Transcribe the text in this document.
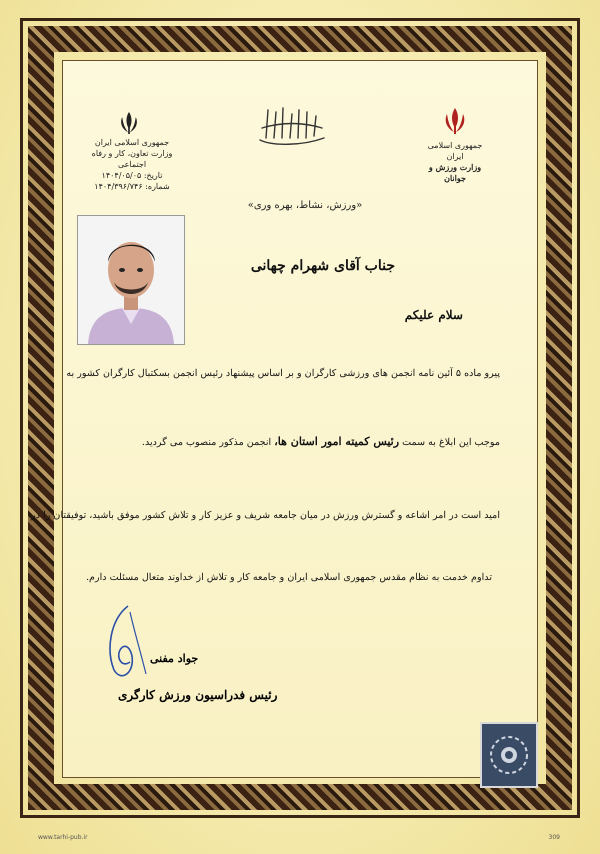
جمهوری اسلامی ایران
وزارت ورزش و جوانان
جمهوری اسلامی ایران
وزارت تعاون، کار و رفاه اجتماعی
تاریخ: ۱۴۰۴/۰۵/۰۵
شماره: ۱۴۰۴/۳۹۶/۷۴۶
«ورزش، نشاط، بهره وری»
جناب آقای شهرام چهانی
سلام علیکم
پیرو ماده ۵ آئین نامه انجمن های ورزشی کارگران و بر اساس پیشنهاد رئیس انجمن بسکتبال کارگران کشور به
موجب این ابلاغ به سمت رئیس کمیته امور استان ها، انجمن مذکور منصوب می گردید.
امید است در امر اشاعه و گسترش ورزش در میان جامعه شریف و عزیز کار و تلاش کشور موفق باشید، توفیقتان را در
تداوم خدمت به نظام مقدس جمهوری اسلامی ایران و جامعه کار و تلاش از خداوند متعال مسئلت دارم.
جواد مفنی
رئیس فدراسیون ورزش کارگری
www.tarhi-pub.ir	309
